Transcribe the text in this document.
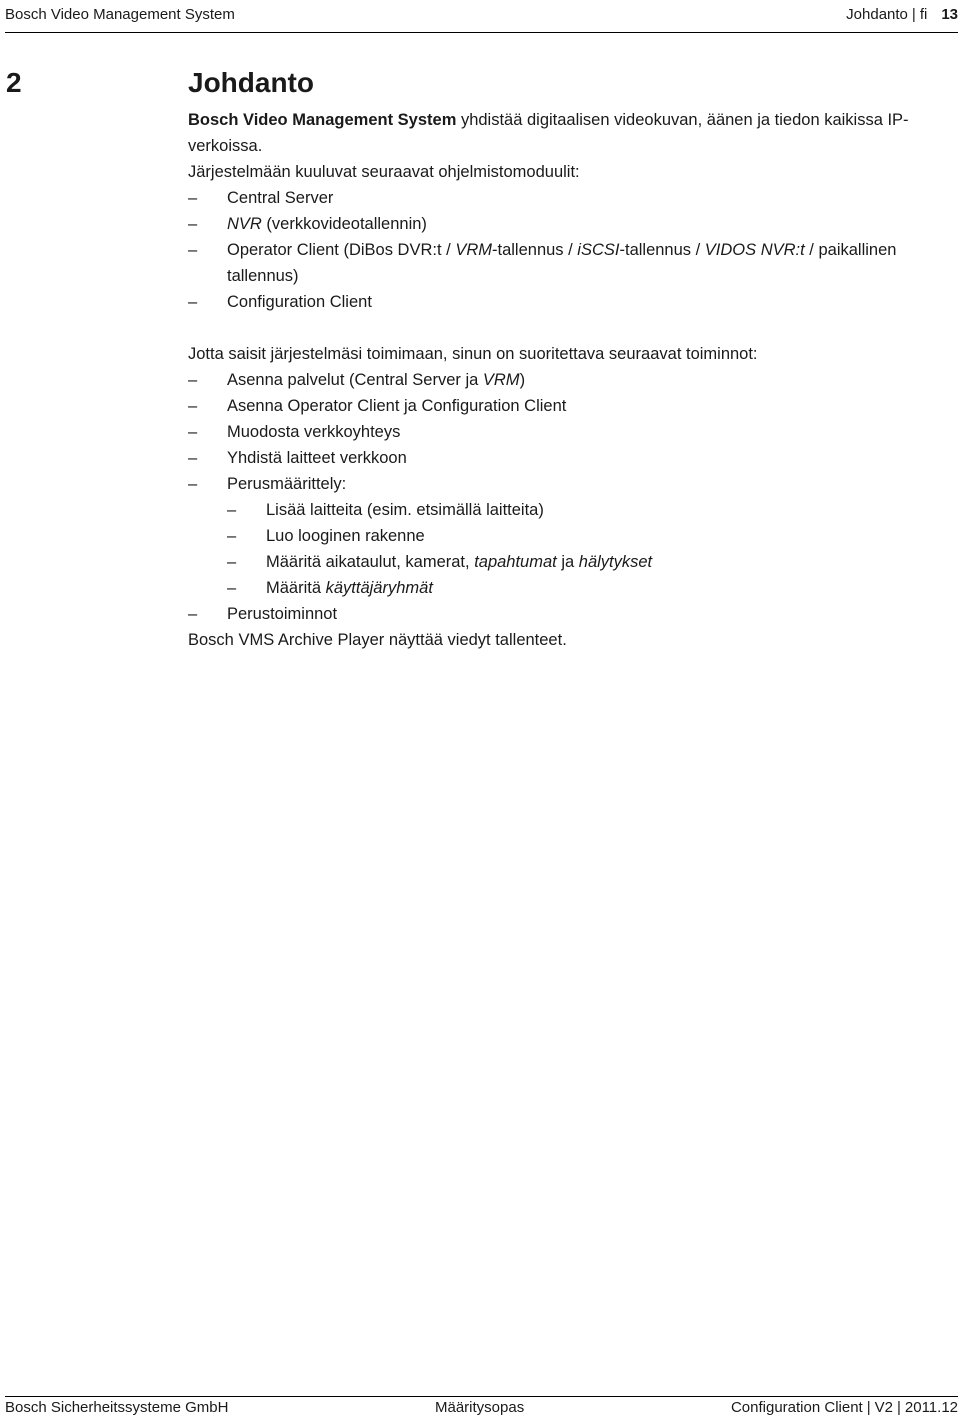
Bosch Video Management System	Johdanto | fi 13
2	Johdanto

Bosch Video Management System yhdistää digitaalisen videokuvan, äänen ja tiedon kaikissa IP-verkoissa.

Järjestelmään kuuluvat seuraavat ohjelmistomoduulit:

– Central Server
– NVR (verkkovideotallennin)
– Operator Client (DiBos DVR:t / VRM-tallennus / iSCSI-tallennus / VIDOS NVR:t / paikallinen tallennus)
– Configuration Client

Jotta saisit järjestelmäsi toimimaan, sinun on suoritettava seuraavat toiminnot:

– Asenna palvelut (Central Server ja VRM)
– Asenna Operator Client ja Configuration Client
– Muodosta verkkoyhteys
– Yhdistä laitteet verkkoon
– Perusmäärittely:
– Lisää laitteita (esim. etsimällä laitteita)
– Luo looginen rakenne
– Määritä aikataulut, kamerat, tapahtumat ja hälytykset
– Määritä käyttäjäryhmät
– Perustoiminnot

Bosch VMS Archive Player näyttää viedyt tallenteet.

Bosch Sicherheitssysteme GmbH	Määritysopas	Configuration Client | V2 | 2011.12
